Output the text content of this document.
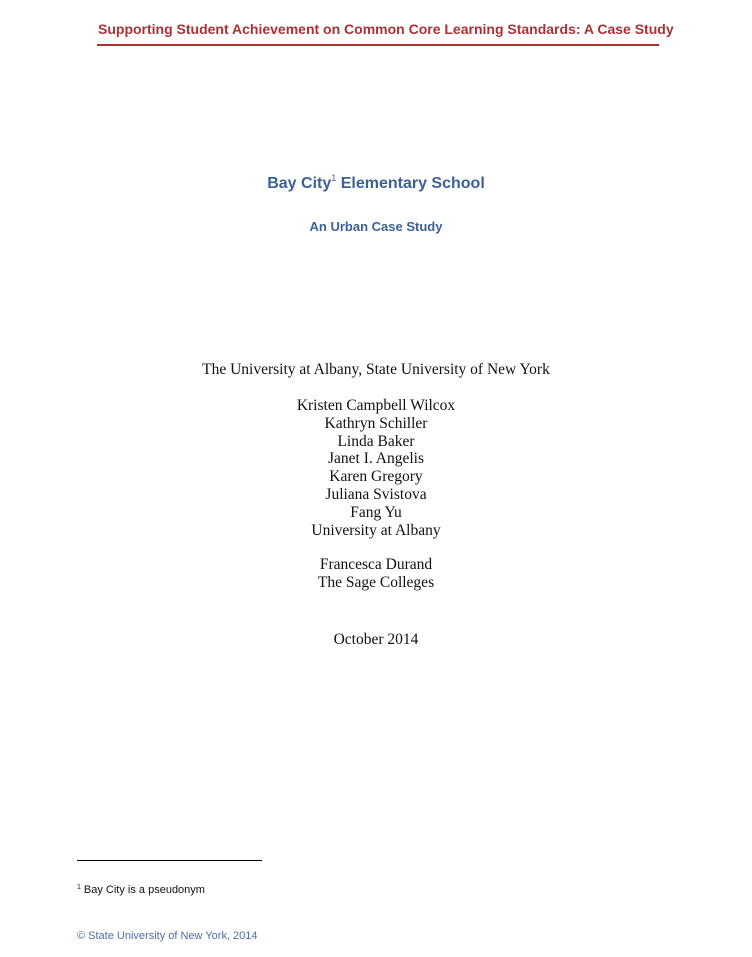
Supporting Student Achievement on Common Core Learning Standards: A Case Study
Bay City$^1$ Elementary School
An Urban Case Study
The University at Albany, State University of New York
Kristen Campbell Wilcox
Kathryn Schiller
Linda Baker
Janet I. Angelis
Karen Gregory
Juliana Svistova
Fang Yu
University at Albany
Francesca Durand
The Sage Colleges
October 2014
$^1$ Bay City is a pseudonym
© State University of New York, 2014
